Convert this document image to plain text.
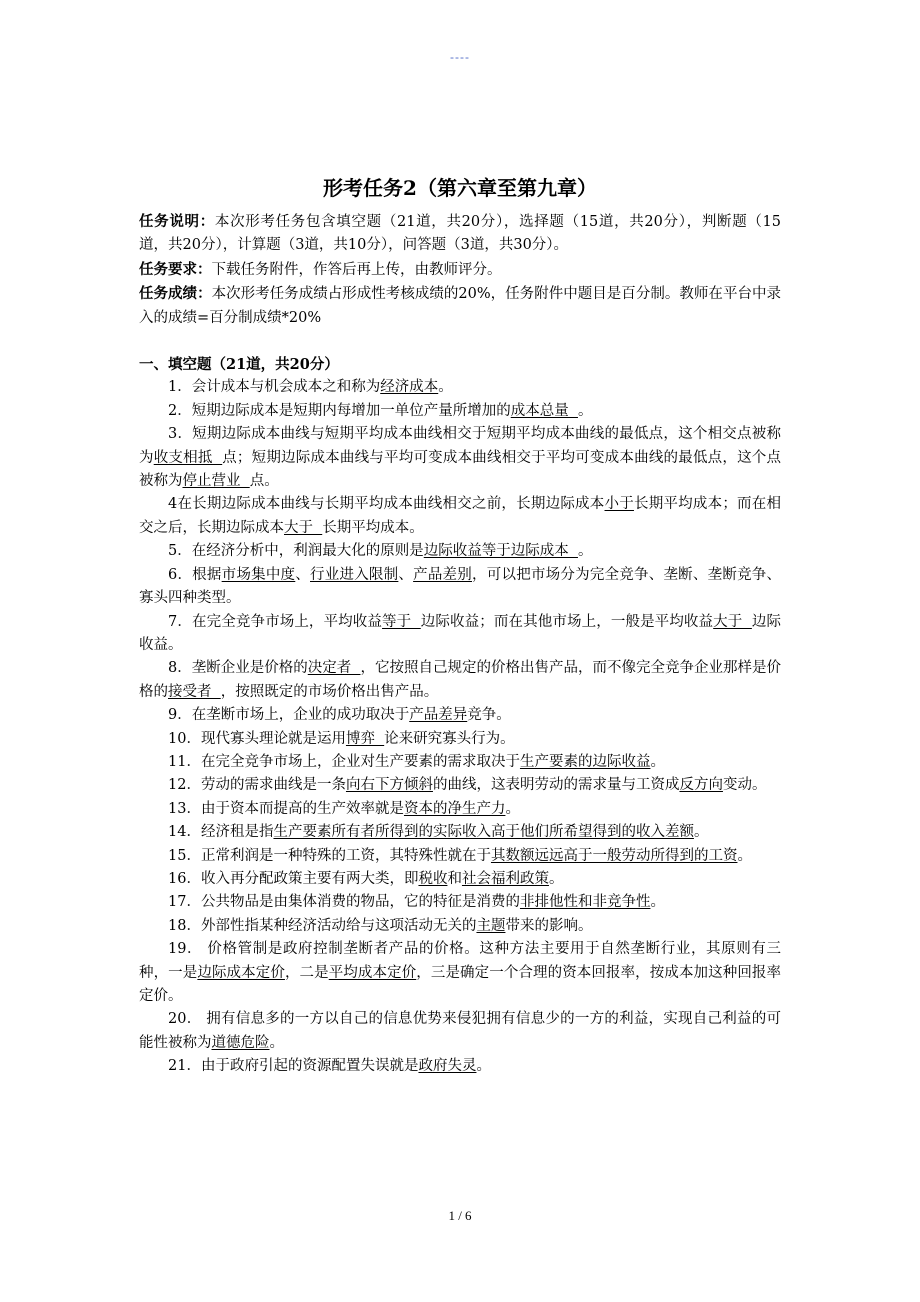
----
形考任务2（第六章至第九章）

任务说明：本次形考任务包含填空题（21道，共20分），选择题（15道，共20分），判断题（15道，共20分），计算题（3道，共10分），问答题（3道，共30分）。

任务要求：下载任务附件，作答后再上传，由教师评分。

任务成绩：本次形考任务成绩占形成性考核成绩的20%，任务附件中题目是百分制。教师在平台中录入的成绩=百分制成绩*20%

一、填空题（21道，共20分）

1．会计成本与机会成本之和称为经济成本。

2．短期边际成本是短期内每增加一单位产量所增加的成本总量  。

3．短期边际成本曲线与短期平均成本曲线相交于短期平均成本曲线的最低点，这个相交点被称为收支相抵  点；短期边际成本曲线与平均可变成本曲线相交于平均可变成本曲线的最低点，这个点被称为停止营业  点。

4在长期边际成本曲线与长期平均成本曲线相交之前，长期边际成本小于长期平均成本；而在相交之后，长期边际成本大于  长期平均成本。

5．在经济分析中，利润最大化的原则是边际收益等于边际成本  。

6．根据市场集中度、行业进入限制、产品差别，可以把市场分为完全竞争、垄断、垄断竞争、寡头四种类型。

7．在完全竞争市场上，平均收益等于  边际收益；而在其他市场上，一般是平均收益大于  边际收益。

8．垄断企业是价格的决定者  ，它按照自己规定的价格出售产品，而不像完全竞争企业那样是价格的接受者  ，按照既定的市场价格出售产品。

9．在垄断市场上，企业的成功取决于产品差异竞争。

10．现代寡头理论就是运用博弈  论来研究寡头行为。

11．在完全竞争市场上，企业对生产要素的需求取决于生产要素的边际收益。

12．劳动的需求曲线是一条向右下方倾斜的曲线，这表明劳动的需求量与工资成反方向变动。

13．由于资本而提高的生产效率就是资本的净生产力。

14．经济租是指生产要素所有者所得到的实际收入高于他们所希望得到的收入差额。

15．正常利润是一种特殊的工资，其特殊性就在于其数额远远高于一般劳动所得到的工资。

16．收入再分配政策主要有两大类，即税收和社会福利政策。

17．公共物品是由集体消费的物品，它的特征是消费的非排他性和非竞争性。

18．外部性指某种经济活动给与这项活动无关的主题带来的影响。

19． 价格管制是政府控制垄断者产品的价格。这种方法主要用于自然垄断行业，其原则有三种，一是边际成本定价，二是平均成本定价，三是确定一个合理的资本回报率，按成本加这种回报率定价。

20． 拥有信息多的一方以自己的信息优势来侵犯拥有信息少的一方的利益，实现自己利益的可能性被称为道德危险。

21．由于政府引起的资源配置失误就是政府失灵。

1 / 6
